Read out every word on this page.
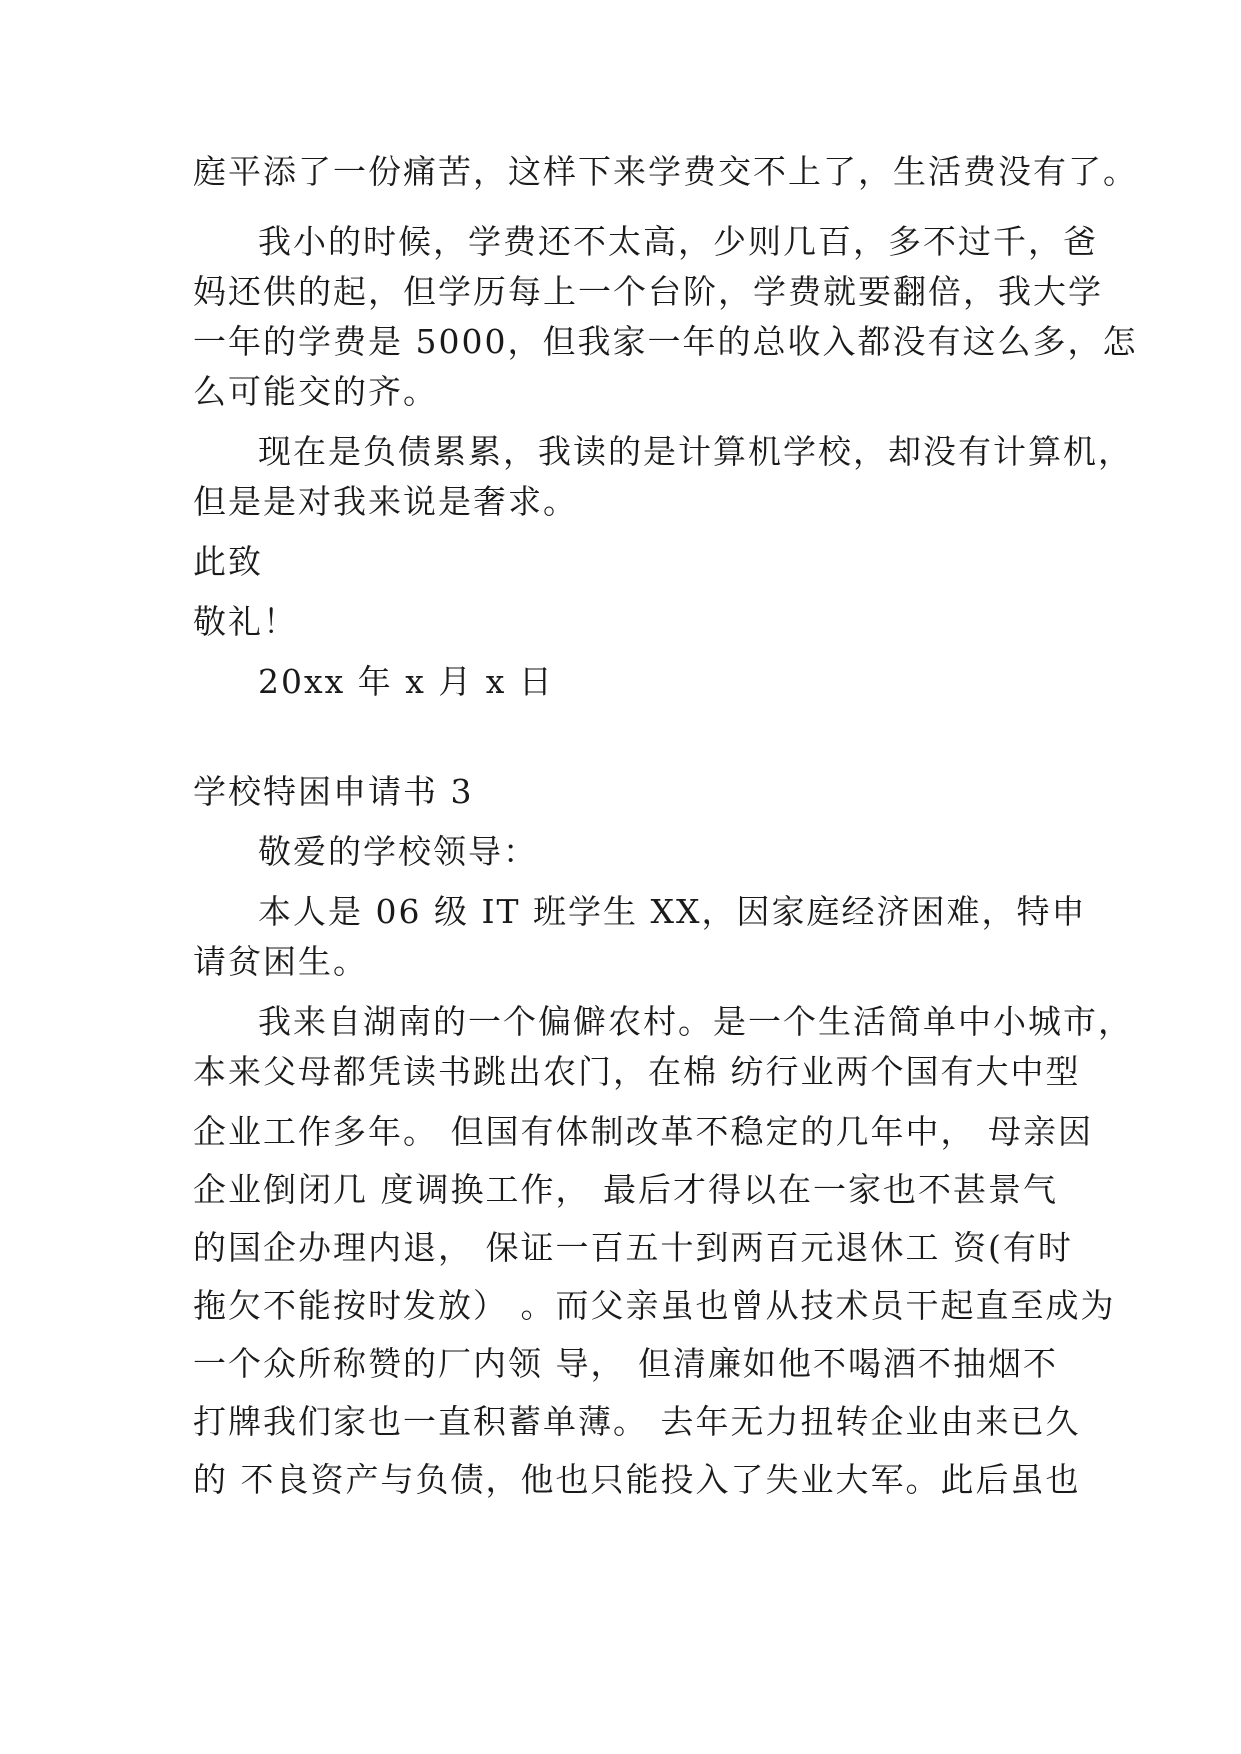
庭平添了一份痛苦，这样下来学费交不上了，生活费没有了。
我小的时候，学费还不太高，少则几百，多不过千，爸
妈还供的起，但学历每上一个台阶，学费就要翻倍，我大学
一年的学费是 5000，但我家一年的总收入都没有这么多，怎
么可能交的齐。
现在是负债累累，我读的是计算机学校，却没有计算机，
但是是对我来说是奢求。
此致
敬礼！
20xx 年 x 月 x 日
学校特困申请书 3
敬爱的学校领导：
本人是 06 级 IT 班学生 XX，因家庭经济困难，特申
请贫困生。
我来自湖南的一个偏僻农村。是一个生活简单中小城市，
本来父母都凭读书跳出农门，在棉 纺行业两个国有大中型
企业工作多年。 但国有体制改革不稳定的几年中， 母亲因
企业倒闭几 度调换工作， 最后才得以在一家也不甚景气
的国企办理内退， 保证一百五十到两百元退休工 资(有时
拖欠不能按时发放） 。而父亲虽也曾从技术员干起直至成为
一个众所称赞的厂内领 导， 但清廉如他不喝酒不抽烟不
打牌我们家也一直积蓄单薄。 去年无力扭转企业由来已久
的 不良资产与负债，他也只能投入了失业大军。此后虽也
